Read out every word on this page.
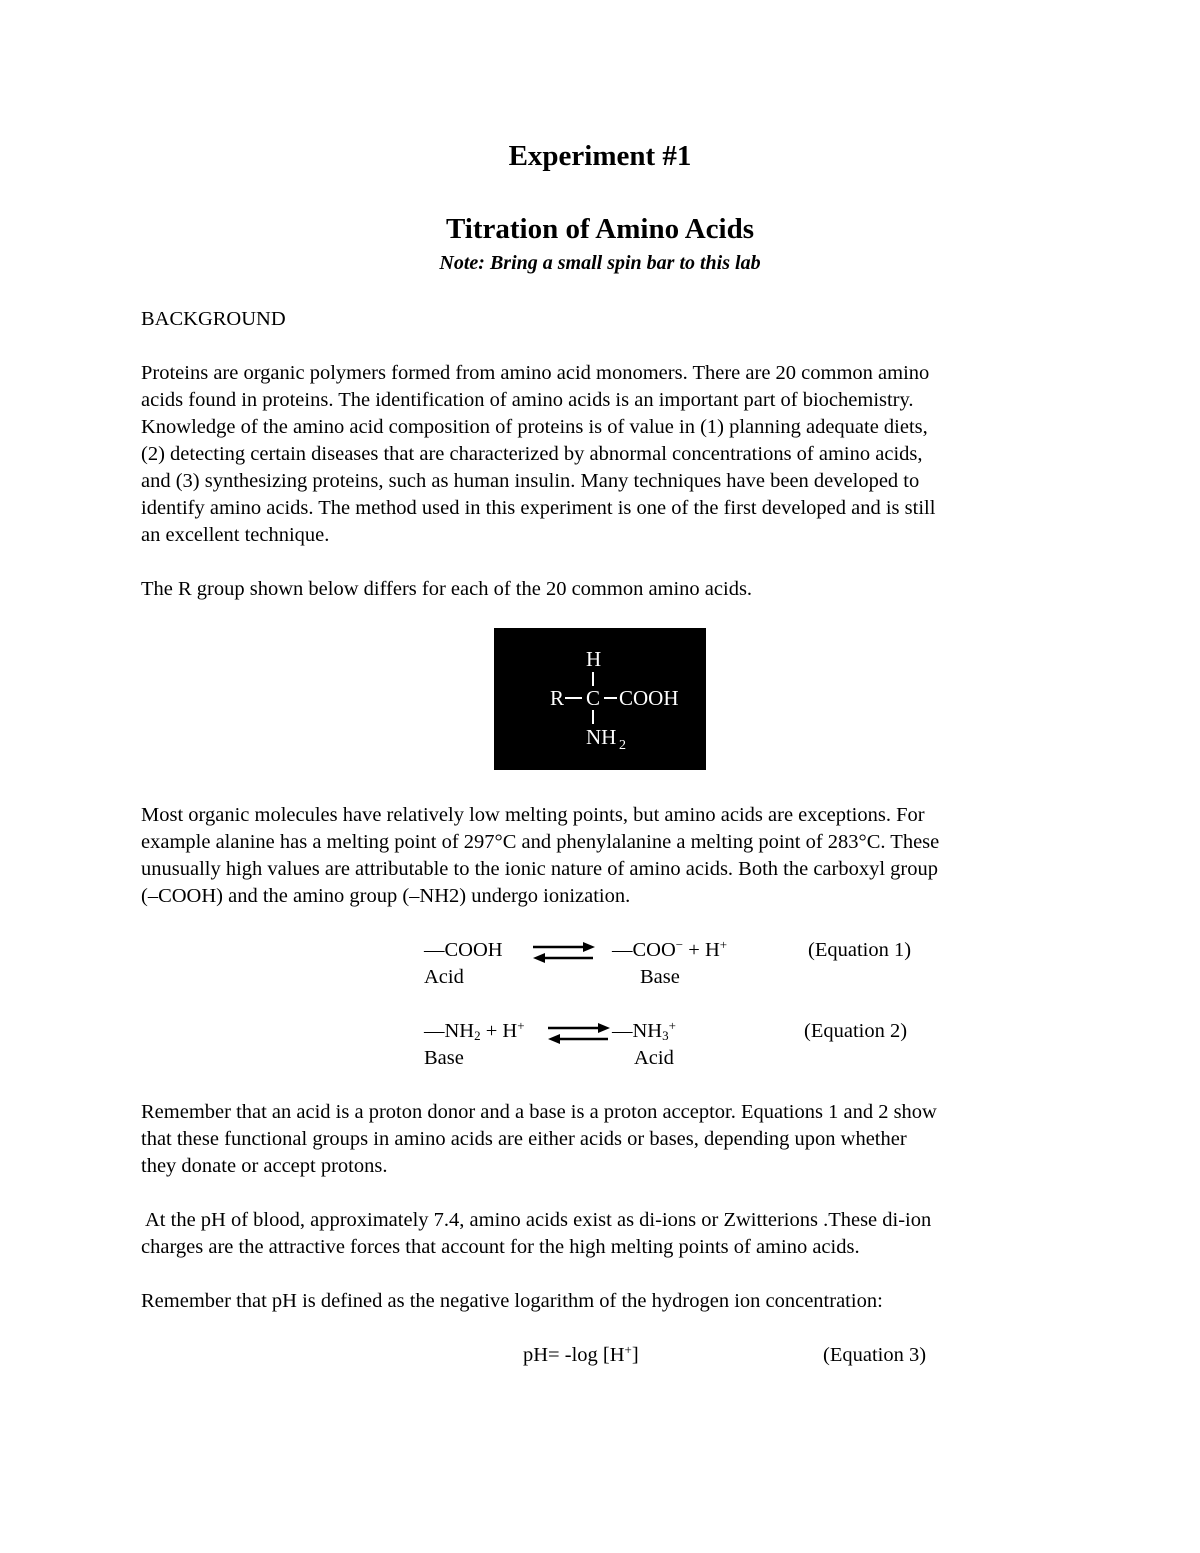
Experiment #1
Titration of Amino Acids

Note: Bring a small spin bar to this lab

BACKGROUND

Proteins are organic polymers formed from amino acid monomers. There are 20 common amino

acids found in proteins. The identification of amino acids is an important part of biochemistry.

Knowledge of the amino acid composition of proteins is of value in (1) planning adequate diets,

(2) detecting certain diseases that are characterized by abnormal concentrations of amino acids,

and (3) synthesizing proteins, such as human insulin. Many techniques have been developed to

identify amino acids. The method used in this experiment is one of the first developed and is still

an excellent technique.

The R group shown below differs for each of the 20 common amino acids.

H
R C COOH
NH 2

Most organic molecules have relatively low melting points, but amino acids are exceptions. For

example alanine has a melting point of 297°C and phenylalanine a melting point of 283°C. These

unusually high values are attributable to the ionic nature of amino acids. Both the carboxyl group

(–COOH) and the amino group (–NH2) undergo ionization.

—COOH	—COO− + H+	(Equation 1)

Acid	Base

$—NH_2 + H^+$	$—NH_3^+$	(Equation 2)

Base	Acid

Remember that an acid is a proton donor and a base is a proton acceptor. Equations 1 and 2 show

that these functional groups in amino acids are either acids or bases, depending upon whether

they donate or accept protons.

At the pH of blood, approximately 7.4, amino acids exist as di-ions or Zwitterions .These di-ion

charges are the attractive forces that account for the high melting points of amino acids.

Remember that pH is defined as the negative logarithm of the hydrogen ion concentration:

pH= -log [H+]	(Equation 3)
